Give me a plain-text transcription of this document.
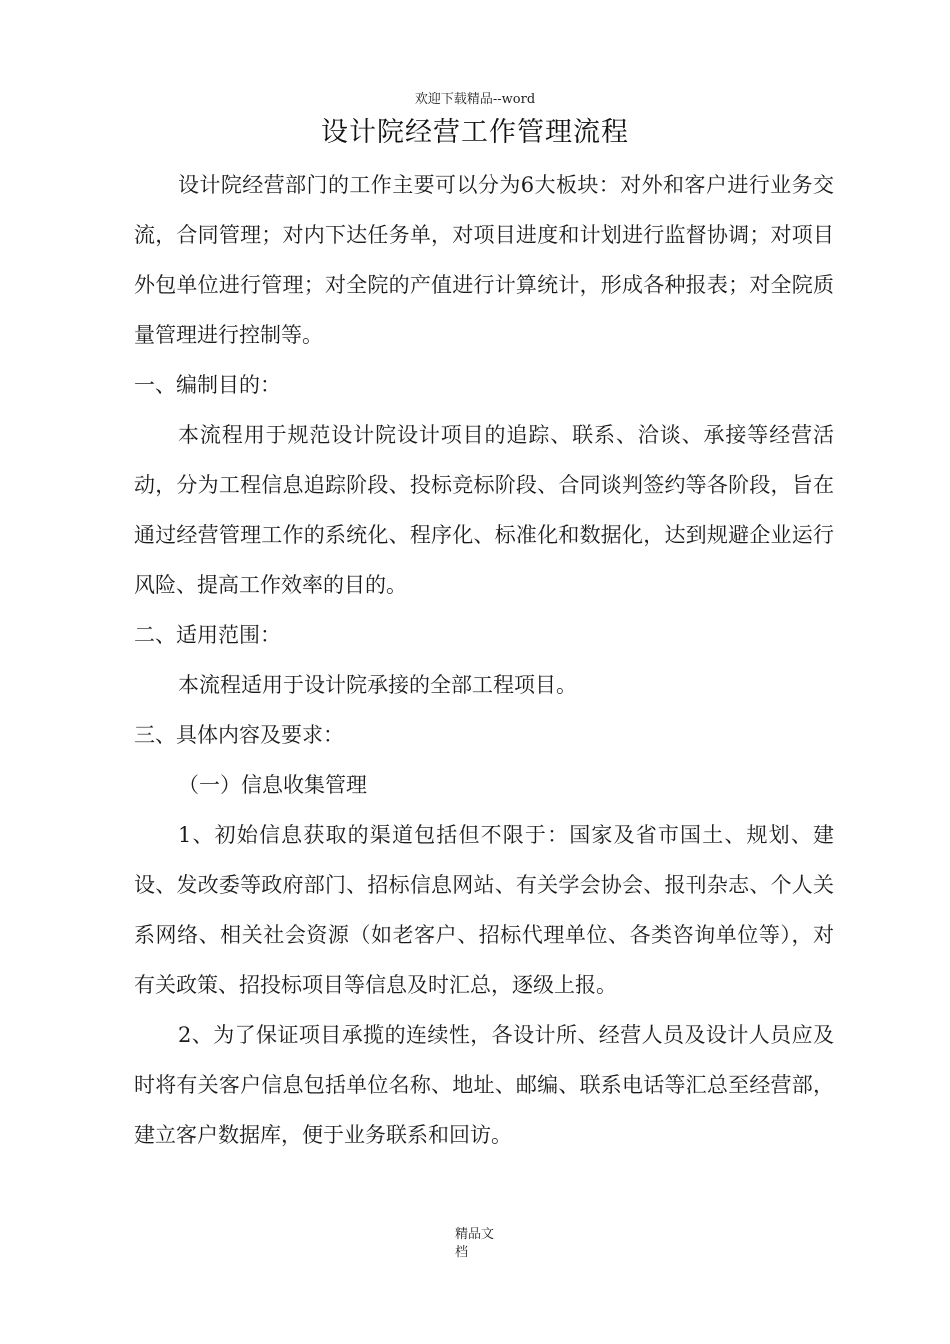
欢迎下载精品--word
设计院经营工作管理流程

设计院经营部门的工作主要可以分为6大板块：对外和客户进行业务交流，合同管理；对内下达任务单，对项目进度和计划进行监督协调；对项目外包单位进行管理；对全院的产值进行计算统计，形成各种报表；对全院质量管理进行控制等。

一、编制目的：

本流程用于规范设计院设计项目的追踪、联系、洽谈、承接等经营活动，分为工程信息追踪阶段、投标竞标阶段、合同谈判签约等各阶段，旨在通过经营管理工作的系统化、程序化、标准化和数据化，达到规避企业运行风险、提高工作效率的目的。

二、适用范围：

本流程适用于设计院承接的全部工程项目。

三、具体内容及要求：

（一）信息收集管理

1、初始信息获取的渠道包括但不限于：国家及省市国土、规划、建设、发改委等政府部门、招标信息网站、有关学会协会、报刊杂志、个人关系网络、相关社会资源（如老客户、招标代理单位、各类咨询单位等），对有关政策、招投标项目等信息及时汇总，逐级上报。

2、为了保证项目承揽的连续性，各设计所、经营人员及设计人员应及时将有关客户信息包括单位名称、地址、邮编、联系电话等汇总至经营部，建立客户数据库，便于业务联系和回访。

精品文
档
